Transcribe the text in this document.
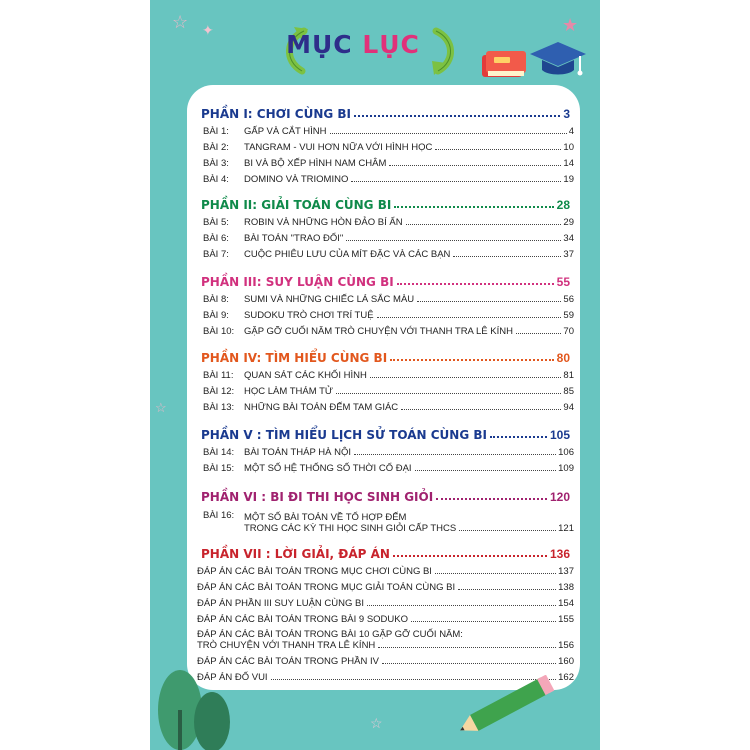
☆ ✦	★
☆
MỤC LỤC
PHẦN I: CHƠI CÙNG BI	3
BÀI 1:	GẤP VÀ CẮT HÌNH	4
BÀI 2:	TANGRAM - VUI HƠN NỮA VỚI HÌNH HỌC	10
BÀI 3:	BI VÀ BỘ XẾP HÌNH NAM CHÂM	14
BÀI 4:	DOMINO VÀ TRIOMINO	19
PHẦN II: GIẢI TOÁN CÙNG BI	28
BÀI 5:	ROBIN VÀ NHỮNG HÒN ĐẢO BÍ ẨN	29
BÀI 6:	BÀI TOÁN "TRAO ĐỔI"	34
BÀI 7:	CUỘC PHIÊU LƯU CỦA MÍT ĐẶC VÀ CÁC BẠN	37
PHẦN III: SUY LUẬN CÙNG BI	55
BÀI 8:	SUMI VÀ NHỮNG CHIẾC LÁ SẮC MÀU	56
BÀI 9:	SUDOKU TRÒ CHƠI TRÍ TUỆ	59
BÀI 10:	GẶP GỠ CUỐI NĂM TRÒ CHUYỆN VỚI THANH TRA LÊ KÍNH	70
PHẦN IV: TÌM HIỂU CÙNG BI	80
BÀI 11:	QUAN SÁT CÁC KHỐI HÌNH	81
BÀI 12:	HỌC LÀM THÁM TỬ	85
BÀI 13:	NHỮNG BÀI TOÁN ĐẾM TAM GIÁC	94
PHẦN V : TÌM HIỂU LỊCH SỬ TOÁN CÙNG BI	105
BÀI 14:	BÀI TOÁN THÁP HÀ NỘI	106
BÀI 15:	MỘT SỐ HỆ THỐNG SỐ THỜI CỔ ĐẠI	109
PHẦN VI : BI ĐI THI HỌC SINH GIỎI	120
BÀI 16:	MỘT SỐ BÀI TOÁN VỀ TỔ HỢP ĐẾM
TRONG CÁC KỲ THI HỌC SINH GIỎI CẤP THCS	121
PHẦN VII : LỜI GIẢI, ĐÁP ÁN	136
ĐÁP ÁN CÁC BÀI TOÁN TRONG MỤC CHƠI CÙNG BI	137
ĐÁP ÁN CÁC BÀI TOÁN TRONG MỤC GIẢI TOÁN CÙNG BI	138
ĐÁP ÁN PHẦN III SUY LUẬN CÙNG BI	154
ĐÁP ÁN CÁC BÀI TOÁN TRONG BÀI 9 SODUKO	155
ĐÁP ÁN CÁC BÀI TOÁN TRONG BÀI 10 GẶP GỠ CUỐI NĂM:
TRÒ CHUYỆN VỚI THANH TRA LÊ KÍNH	156
ĐÁP ÁN CÁC BÀI TOÁN TRONG PHẦN IV	160
ĐÁP ÁN ĐỐ VUI	162
☆
